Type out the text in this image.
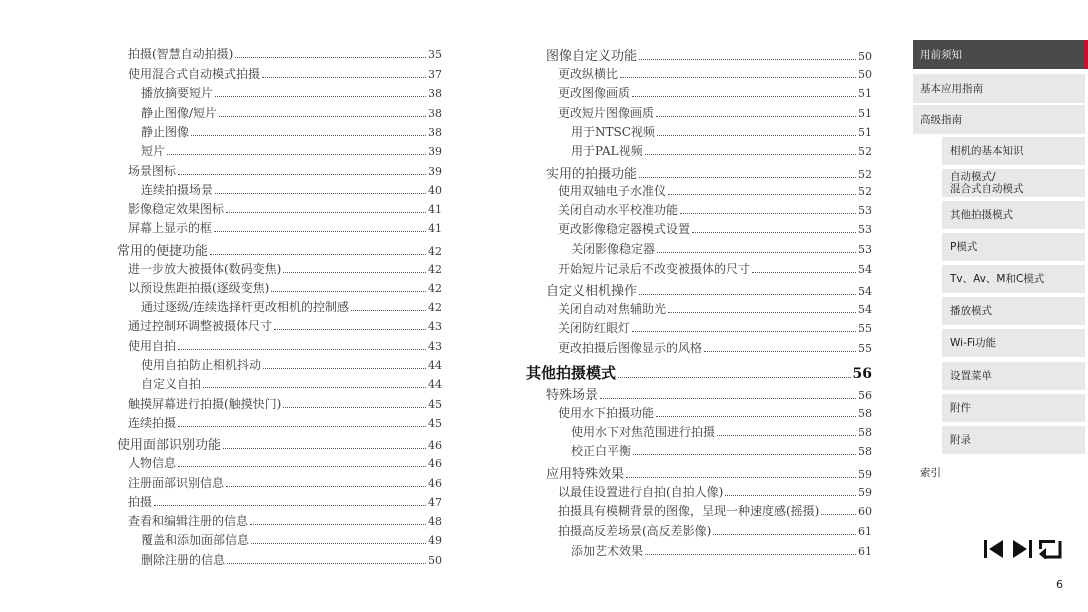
拍摄(智慧自动拍摄)	35
使用混合式自动模式拍摄	37
播放摘要短片	38
静止图像/短片	38
静止图像	38
短片	39
场景图标	39
连续拍摄场景	40
影像稳定效果图标	41
屏幕上显示的框	41
常用的便捷功能	42
进一步放大被摄体(数码变焦)	42
以预设焦距拍摄(逐级变焦)	42
通过逐级/连续选择杆更改相机的控制感	42
通过控制环调整被摄体尺寸	43
使用自拍	43
使用自拍防止相机抖动	44
自定义自拍	44
触摸屏幕进行拍摄(触摸快门)	45
连续拍摄	45
使用面部识别功能	46
人物信息	46
注册面部识别信息	46
拍摄	47
查看和编辑注册的信息	48
覆盖和添加面部信息	49
删除注册的信息	50
图像自定义功能	50
更改纵横比	50
更改图像画质	51
更改短片图像画质	51
用于NTSC视频	51
用于PAL视频	52
实用的拍摄功能	52
使用双轴电子水准仪	52
关闭自动水平校准功能	53
更改影像稳定器模式设置	53
关闭影像稳定器	53
开始短片记录后不改变被摄体的尺寸	54
自定义相机操作	54
关闭自动对焦辅助光	54
关闭防红眼灯	55
更改拍摄后图像显示的风格	55
其他拍摄模式	56
特殊场景	56
使用水下拍摄功能	58
使用水下对焦范围进行拍摄	58
校正白平衡	58
应用特殊效果	59
以最佳设置进行自拍(自拍人像)	59
拍摄具有模糊背景的图像，呈现一种速度感(摇摄)	60
拍摄高反差场景(高反差影像)	61
添加艺术效果	61
用前须知
基本应用指南
高级指南
相机的基本知识
自动模式/
混合式自动模式
其他拍摄模式
P模式
Tv、Av、M和C模式
播放模式
Wi-Fi功能
设置菜单
附件
附录
索引
6
